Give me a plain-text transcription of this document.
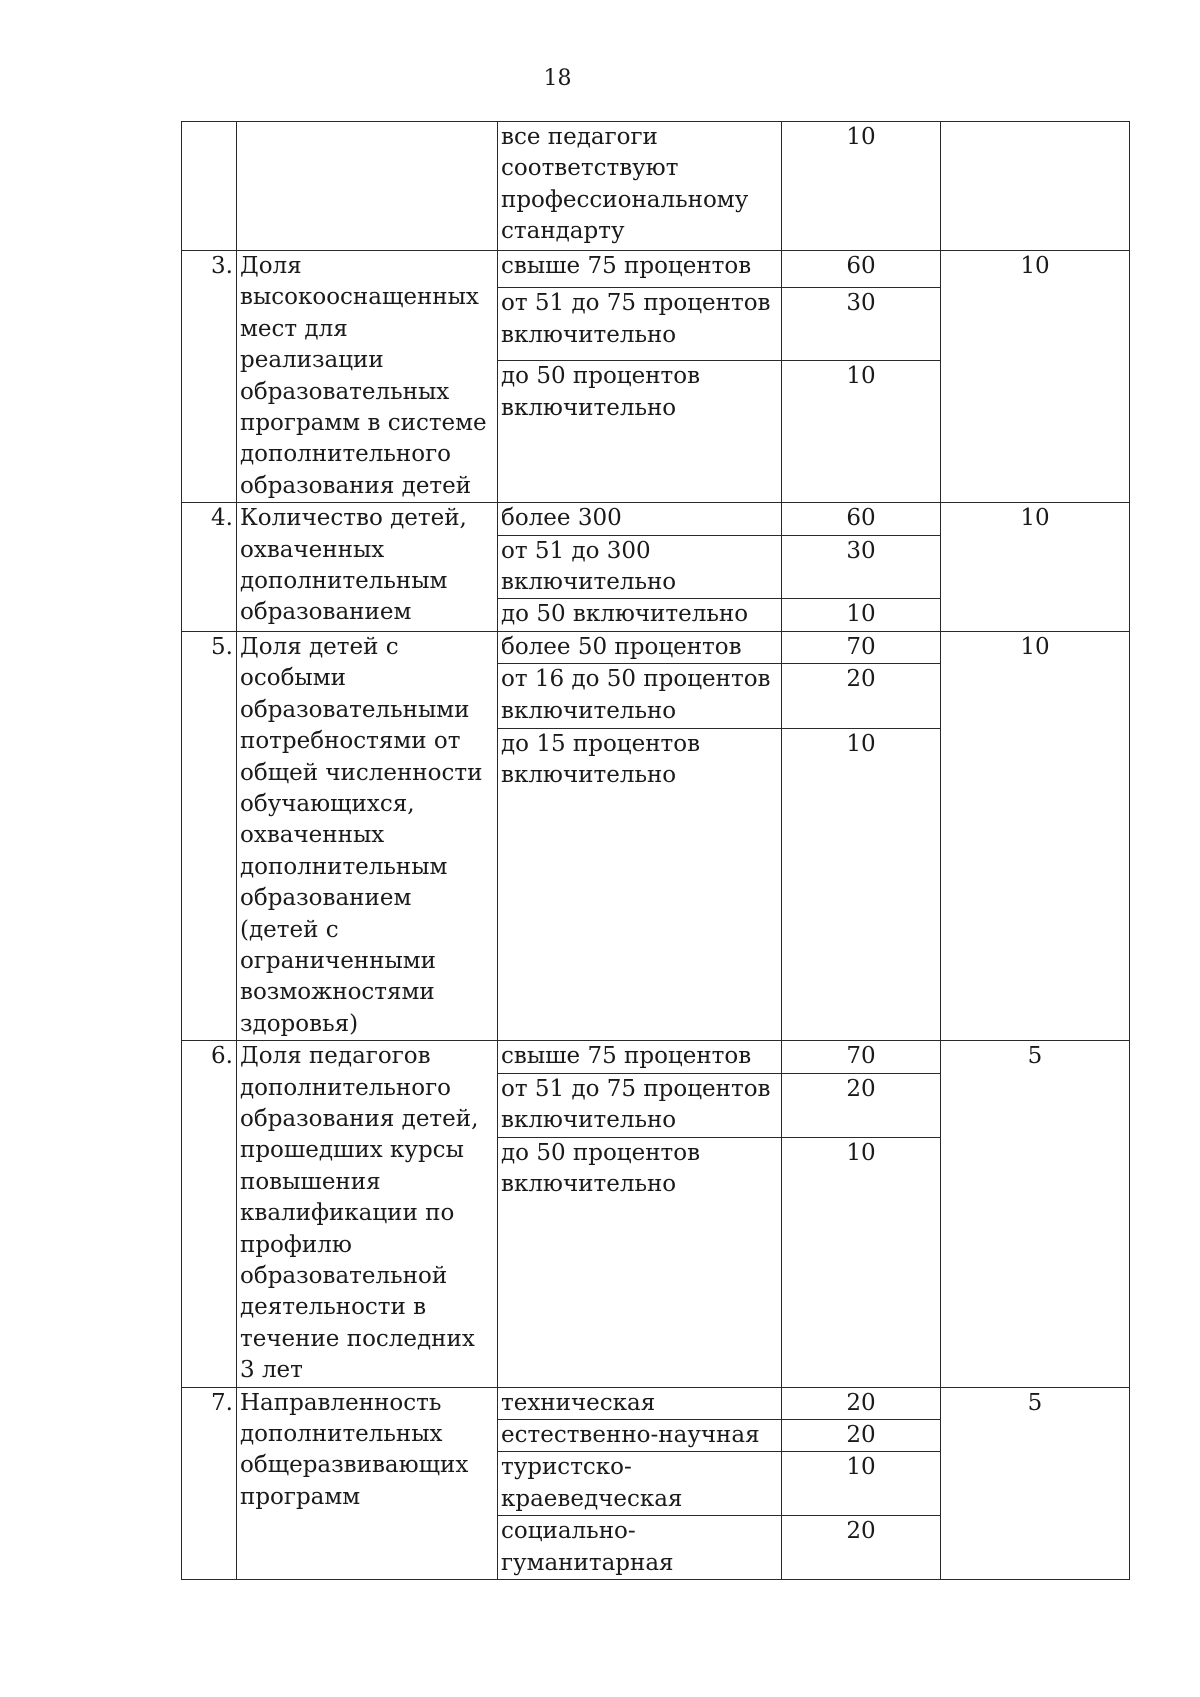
18
		все педагоги соответствуют профессиональному стандарту	10	
3.	Доля высокооснащенных мест для реализации образовательных программ в системе дополнительного образования детей	свыше 75 процентов	60	10
		от 51 до 75 процентов включительно	30	
		до 50 процентов включительно	10	
4.	Количество детей, охваченных дополнительным образованием	более 300	60	10
		от 51 до 300 включительно	30	
		до 50 включительно	10	
5.	Доля детей с особыми образовательными потребностями от общей численности обучающихся, охваченных дополнительным образованием (детей с ограниченными возможностями здоровья)	более 50 процентов	70	10
		от 16 до 50 процентов включительно	20	
		до 15 процентов включительно	10	
6.	Доля педагогов дополнительного образования детей, прошедших курсы повышения квалификации по профилю образовательной деятельности в течение последних 3 лет	свыше 75 процентов	70	5
		от 51 до 75 процентов включительно	20	
		до 50 процентов включительно	10	
7.	Направленность дополнительных общеразвивающих программ	техническая	20	5
		естественно-научная	20	
		туристско-краеведческая	10	
		социально-гуманитарная	20	
